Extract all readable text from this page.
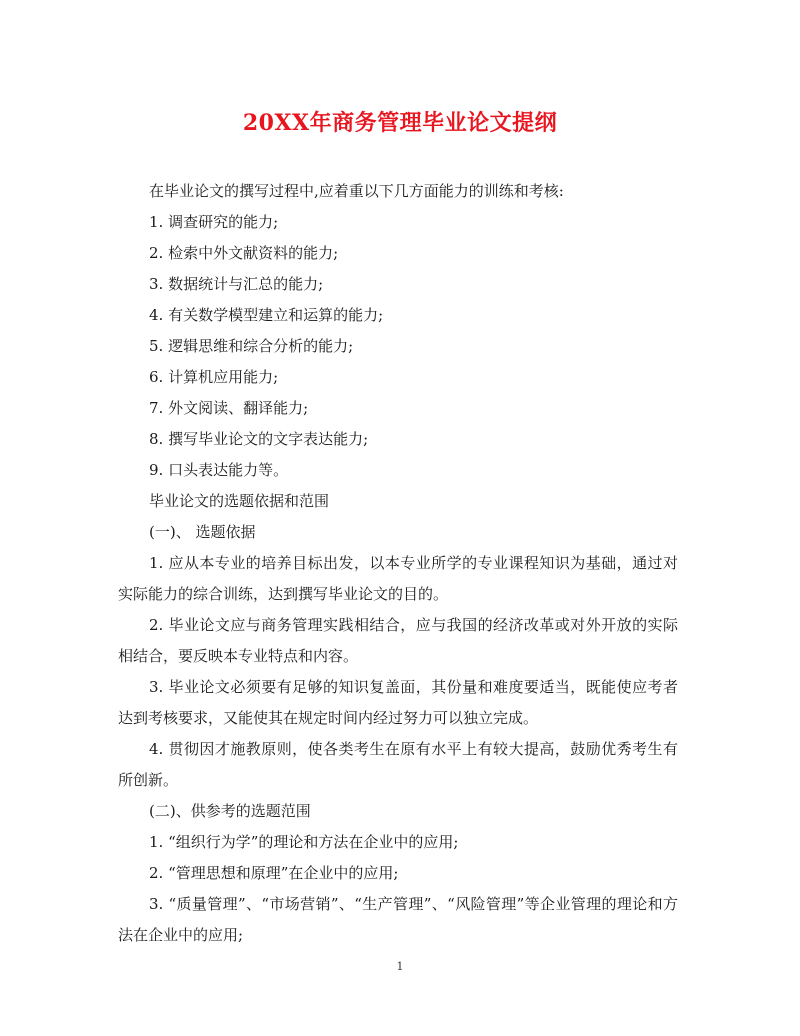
20XX年商务管理毕业论文提纲

在毕业论文的撰写过程中,应着重以下几方面能力的训练和考核:

1. 调查研究的能力;

2. 检索中外文献资料的能力;

3. 数据统计与汇总的能力;

4. 有关数学模型建立和运算的能力;

5. 逻辑思维和综合分析的能力;

6. 计算机应用能力;

7. 外文阅读、翻译能力;

8. 撰写毕业论文的文字表达能力;

9. 口头表达能力等。

毕业论文的选题依据和范围

(一)、 选题依据

1. 应从本专业的培养目标出发，以本专业所学的专业课程知识为基础，通过对实际能力的综合训练，达到撰写毕业论文的目的。

2. 毕业论文应与商务管理实践相结合，应与我国的经济改革或对外开放的实际相结合，要反映本专业特点和内容。

3. 毕业论文必须要有足够的知识复盖面，其份量和难度要适当，既能使应考者达到考核要求，又能使其在规定时间内经过努力可以独立完成。

4. 贯彻因才施教原则，使各类考生在原有水平上有较大提高，鼓励优秀考生有所创新。

(二)、供参考的选题范围

1. “组织行为学”的理论和方法在企业中的应用;

2. “管理思想和原理”在企业中的应用;

3. “质量管理”、“市场营销”、“生产管理”、“风险管理”等企业管理的理论和方法在企业中的应用;

1
